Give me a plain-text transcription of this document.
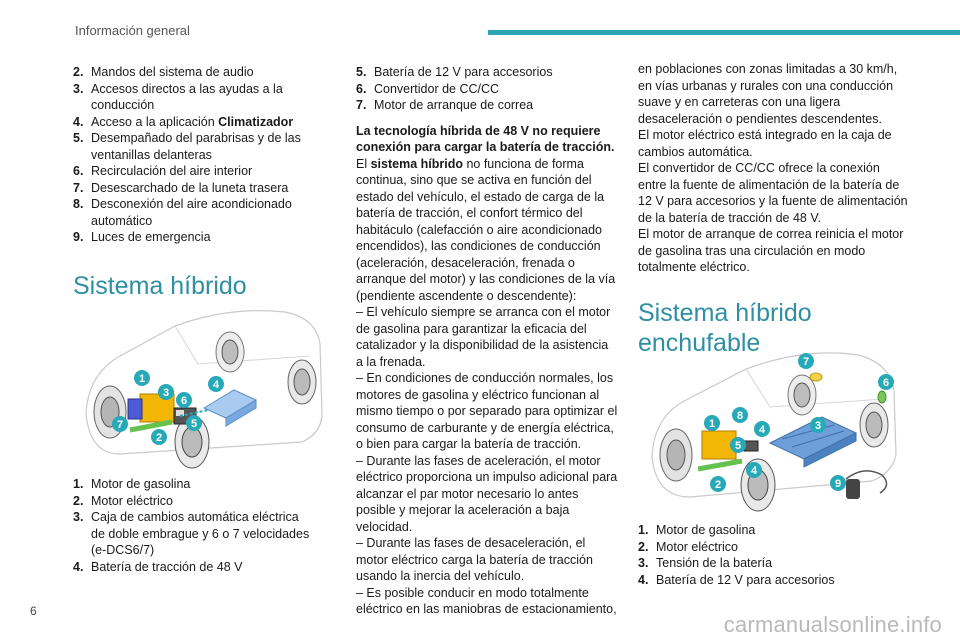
Información general
2. Mandos del sistema de audio
3. Accesos directos a las ayudas a la conducción
4. Acceso a la aplicación Climatizador
5. Desempañado del parabrisas y de las ventanillas delanteras
6. Recirculación del aire interior
7. Desescarchado de la luneta trasera
8. Desconexión del aire acondicionado automático
9. Luces de emergencia
Sistema híbrido
1
2
3
4
5
6
7
1. Motor de gasolina
2. Motor eléctrico
3. Caja de cambios automática eléctrica de doble embrague y 6 o 7 velocidades (e-DCS6/7)
4. Batería de tracción de 48 V
5. Batería de 12 V para accesorios
6. Convertidor de CC/CC
7. Motor de arranque de correa

La tecnología híbrida de 48 V no requiere conexión para cargar la batería de tracción.

El sistema híbrido no funciona de forma continua, sino que se activa en función del estado del vehículo, el estado de carga de la batería de tracción, el confort térmico del habitáculo (calefacción o aire acondicionado encendidos), las condiciones de conducción (aceleración, desaceleración, frenada o arranque del motor) y las condiciones de la vía (pendiente ascendente o descendente):

– El vehículo siempre se arranca con el motor de gasolina para garantizar la eficacia del catalizador y la disponibilidad de la asistencia a la frenada.

– En condiciones de conducción normales, los motores de gasolina y eléctrico funcionan al mismo tiempo o por separado para optimizar el consumo de carburante y de energía eléctrica, o bien para cargar la batería de tracción.

– Durante las fases de aceleración, el motor eléctrico proporciona un impulso adicional para alcanzar el par motor necesario lo antes posible y mejorar la aceleración a baja velocidad.

– Durante las fases de desaceleración, el motor eléctrico carga la batería de tracción usando la inercia del vehículo.

– Es posible conducir en modo totalmente eléctrico en las maniobras de estacionamiento,

en poblaciones con zonas limitadas a 30 km/h, en vías urbanas y rurales con una conducción suave y en carreteras con una ligera desaceleración o pendientes descendentes.

El motor eléctrico está integrado en la caja de cambios automática.

El convertidor de CC/CC ofrece la conexión entre la fuente de alimentación de la batería de 12 V para accesorios y la fuente de alimentación de la batería de tracción de 48 V.

El motor de arranque de correa reinicia el motor de gasolina tras una circulación en modo totalmente eléctrico.

Sistema híbrido enchufable
1
2
3
4
4
5
6
7
8
9
1. Motor de gasolina
2. Motor eléctrico
3. Tensión de la batería
4. Batería de 12 V para accesorios
6
carmanualsonline.info
